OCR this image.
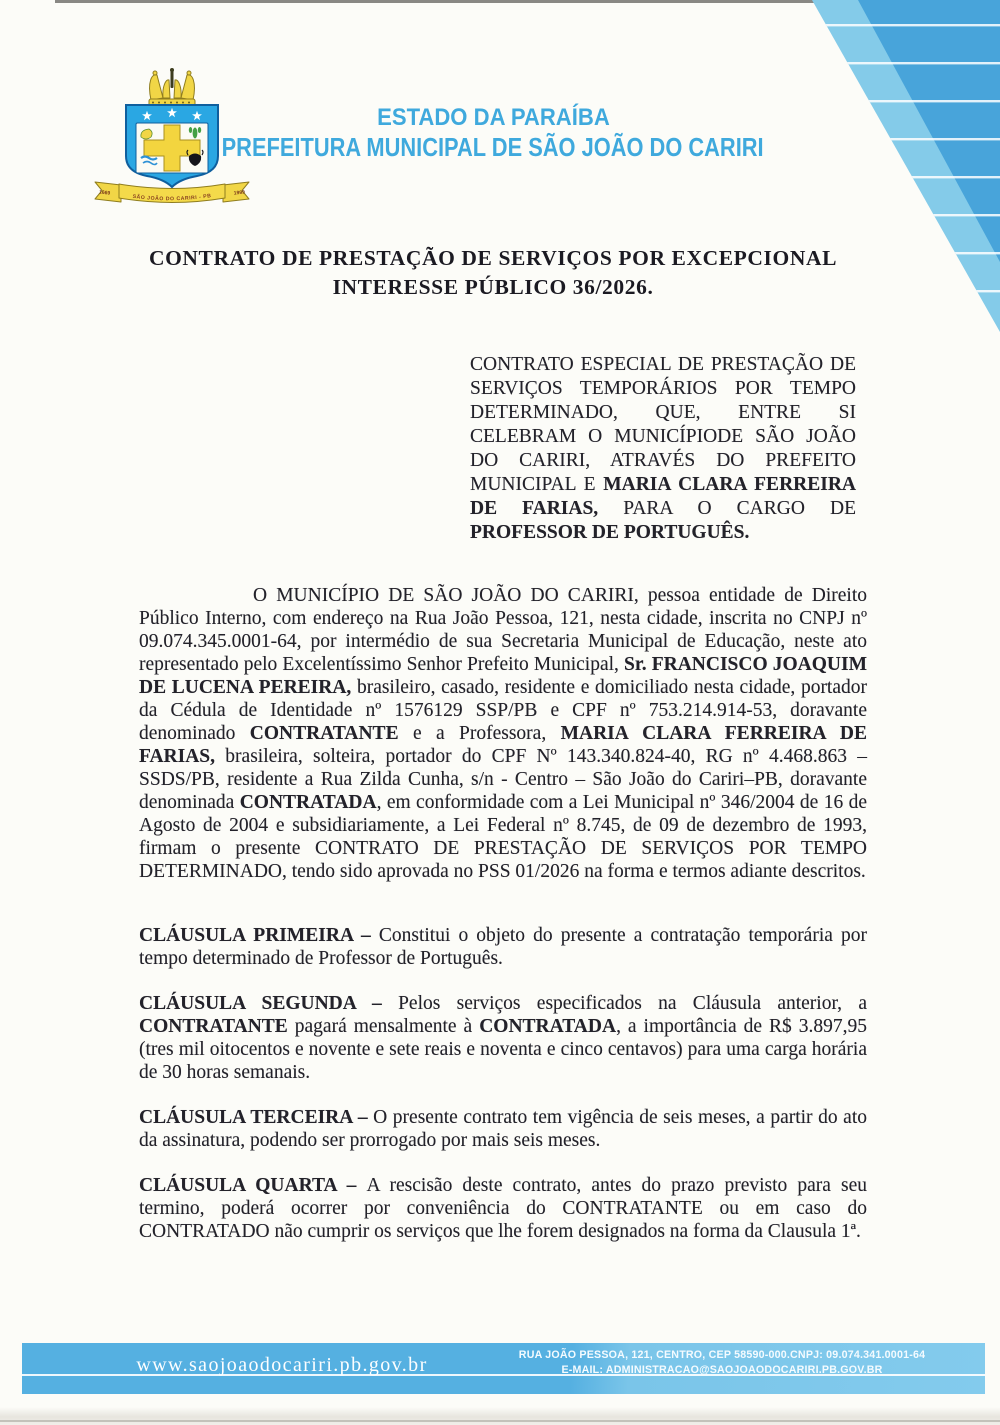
1669	1999
SÃO JOÃO DO CARIRI - PB
ESTADO DA PARAÍBA
PREFEITURA MUNICIPAL DE SÃO JOÃO DO CARIRI
CONTRATO DE PRESTAÇÃO DE SERVIÇOS POR EXCEPCIONAL
INTERESSE PÚBLICO 36/2026.
CONTRATO ESPECIAL DE PRESTAÇÃO DE SERVIÇOS TEMPORÁRIOS POR TEMPO DETERMINADO, QUE, ENTRE SI CELEBRAM O MUNICÍPIODE SÃO JOÃO DO CARIRI, ATRAVÉS DO PREFEITO MUNICIPAL E MARIA CLARA FERREIRA DE FARIAS, PARA O CARGO DE PROFESSOR DE PORTUGUÊS.
O MUNICÍPIO DE SÃO JOÃO DO CARIRI, pessoa entidade de Direito Público Interno, com endereço na Rua João Pessoa, 121, nesta cidade, inscrita no CNPJ nº 09.074.345.0001-64, por intermédio de sua Secretaria Municipal de Educação, neste ato representado pelo Excelentíssimo Senhor Prefeito Municipal, Sr. FRANCISCO JOAQUIM DE LUCENA PEREIRA, brasileiro, casado, residente e domiciliado nesta cidade, portador da Cédula de Identidade nº 1576129 SSP/PB e CPF nº 753.214.914-53, doravante denominado CONTRATANTE e a Professora, MARIA CLARA FERREIRA DE FARIAS, brasileira, solteira, portador do CPF Nº 143.340.824-40, RG nº 4.468.863 – SSDS/PB, residente a Rua Zilda Cunha, s/n - Centro – São João do Cariri–PB, doravante denominada CONTRATADA, em conformidade com a Lei Municipal nº 346/2004 de 16 de Agosto de 2004 e subsidiariamente, a Lei Federal nº 8.745, de 09 de dezembro de 1993, firmam o presente CONTRATO DE PRESTAÇÃO DE SERVIÇOS POR TEMPO DETERMINADO, tendo sido aprovada no PSS 01/2026 na forma e termos adiante descritos.
CLÁUSULA PRIMEIRA – Constitui o objeto do presente a contratação temporária por tempo determinado de Professor de Português.
CLÁUSULA SEGUNDA – Pelos serviços especificados na Cláusula anterior, a CONTRATANTE pagará mensalmente à CONTRATADA, a importância de R$ 3.897,95 (tres mil oitocentos e novente e sete reais e noventa e cinco centavos) para uma carga horária de 30 horas semanais.
CLÁUSULA TERCEIRA – O presente contrato tem vigência de seis meses, a partir do ato da assinatura, podendo ser prorrogado por mais seis meses.
CLÁUSULA QUARTA – A rescisão deste contrato, antes do prazo previsto para seu termino, poderá ocorrer por conveniência do CONTRATANTE ou em caso do CONTRATADO não cumprir os serviços que lhe forem designados na forma da Clausula 1ª.
www.saojoaodocariri.pb.gov.br	RUA JOÃO PESSOA, 121, CENTRO, CEP 58590-000.CNPJ: 09.074.341.0001-64
E-MAIL: ADMINISTRACAO@SAOJOAODOCARIRI.PB.GOV.BR
